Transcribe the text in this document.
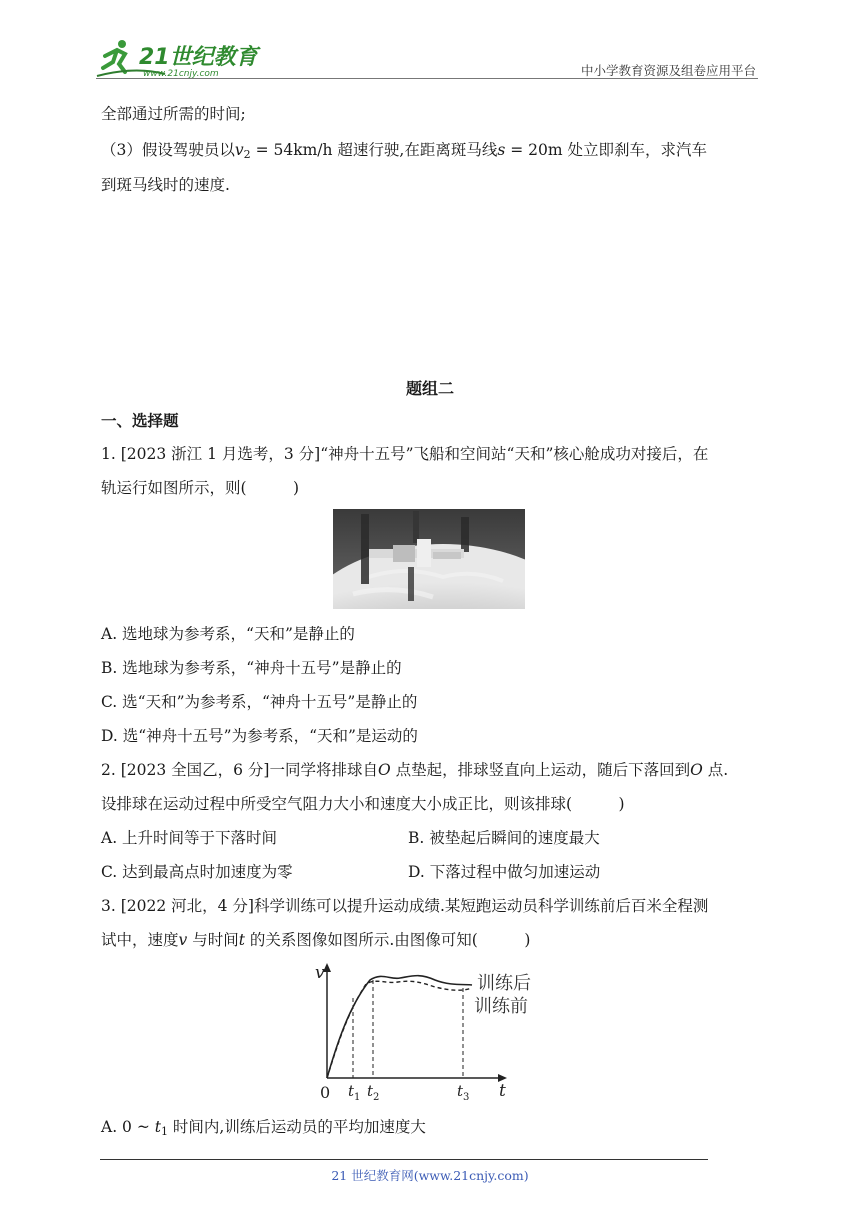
21世纪教育
www.21cnjy.com	中小学教育资源及组卷应用平台
全部通过所需的时间;
（3）假设驾驶员以$v_2 = 54km/h$ 超速行驶,在距离斑马线s = 20m 处立即刹车，求汽车
到斑马线时的速度.
题组二
一、选择题
1. [2023 浙江 1 月选考，3 分]“神舟十五号”飞船和空间站“天和”核心舱成功对接后，在
轨运行如图所示，则(　　　)
A. 选地球为参考系，“天和”是静止的
B. 选地球为参考系，“神舟十五号”是静止的
C. 选“天和”为参考系，“神舟十五号”是静止的
D. 选“神舟十五号”为参考系，“天和”是运动的
2. [2023 全国乙，6 分]一同学将排球自O 点垫起，排球竖直向上运动，随后下落回到O 点.
设排球在运动过程中所受空气阻力大小和速度大小成正比，则该排球(　　　)
A. 上升时间等于下落时间	B. 被垫起后瞬间的速度最大
C. 达到最高点时加速度为零	D. 下落过程中做匀加速运动
3. [2022 河北，4 分]科学训练可以提升运动成绩.某短跑运动员科学训练前后百米全程测
试中，速度v 与时间t 的关系图像如图所示.由图像可知(　　　)
v
t
0 $t_1$ $t_2$	$t_3$
训练后
训练前
A. 0 ~ $t_1$ 时间内,训练后运动员的平均加速度大
21 世纪教育网(www.21cnjy.com)
